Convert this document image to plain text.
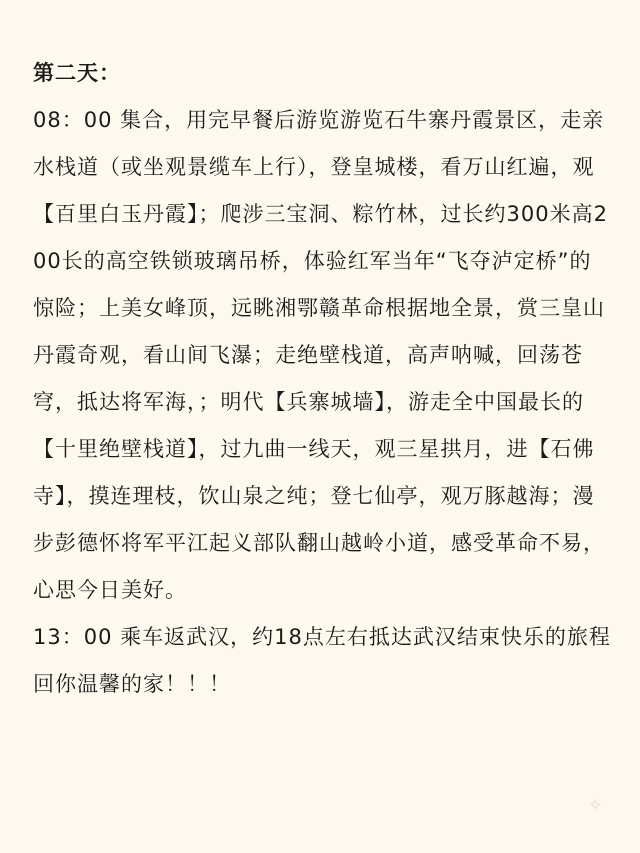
第二天：

08：00 集合，用完早餐后游览游览石牛寨丹霞景区，走亲水栈道（或坐观景缆车上行），登皇城楼，看万山红遍，观【百里白玉丹霞】；爬涉三宝洞、粽竹林，过长约300米高200长的高空铁锁玻璃吊桥，体验红军当年“飞夺泸定桥”的惊险；上美女峰顶，远眺湘鄂赣革命根据地全景，赏三皇山丹霞奇观，看山间飞瀑；走绝壁栈道，高声呐喊，回荡苍穹，抵达将军海，；明代【兵寨城墙】，游走全中国最长的【十里绝壁栈道】，过九曲一线天，观三星拱月，进【石佛寺】，摸连理枝，饮山泉之纯；登七仙亭，观万豚越海；漫步彭德怀将军平江起义部队翻山越岭小道，感受革命不易，心思今日美好。

13：00 乘车返武汉，约18点左右抵达武汉结束快乐的旅程回你温馨的家！！！

✧
